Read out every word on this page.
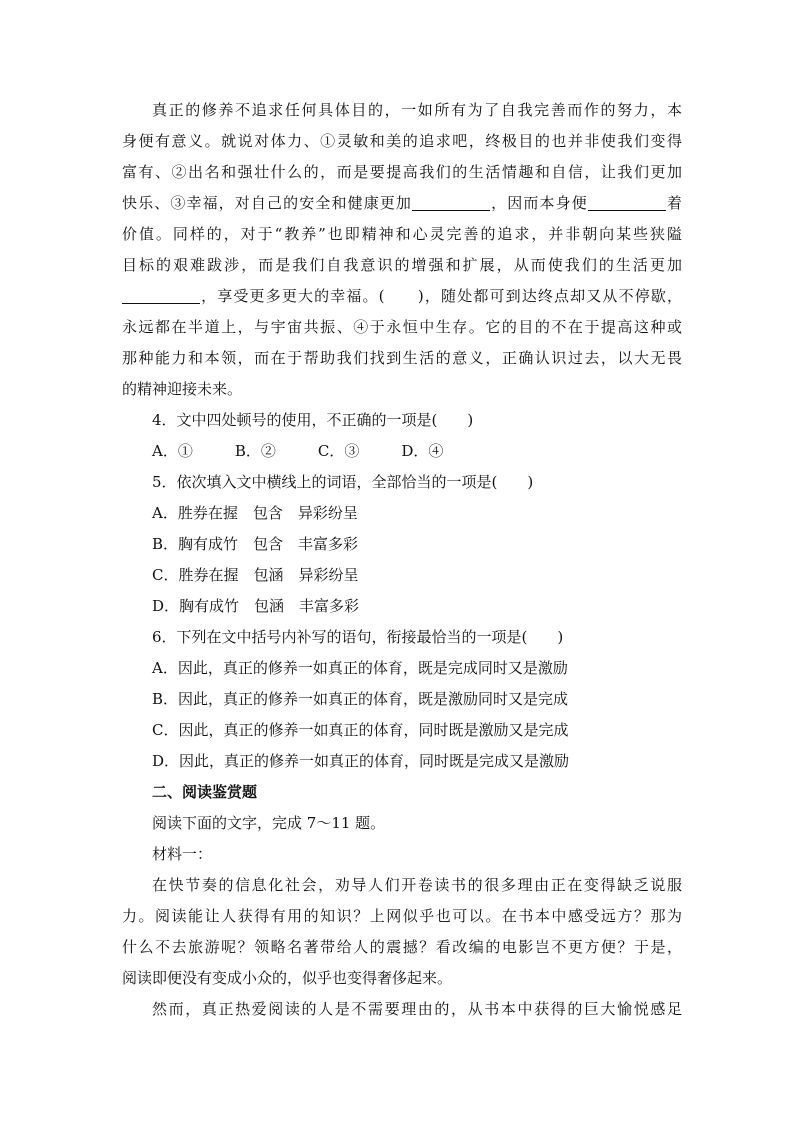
真正的修养不追求任何具体目的，一如所有为了自我完善而作的努力，本
身便有意义。就说对体力、①灵敏和美的追求吧，终极目的也并非使我们变得
富有、②出名和强壮什么的，而是要提高我们的生活情趣和自信，让我们更加
快乐、③幸福，对自己的安全和健康更加	，因而本身便	着
价值。同样的，对于“教养”也即精神和心灵完善的追求，并非朝向某些狭隘
目标的艰难跋涉，而是我们自我意识的增强和扩展，从而使我们的生活更加
，享受更多更大的幸福。(　　)，随处都可到达终点却又从不停歇，
永远都在半道上，与宇宙共振、④于永恒中生存。它的目的不在于提高这种或
那种能力和本领，而在于帮助我们找到生活的意义，正确认识过去，以大无畏
的精神迎接未来。
4．文中四处顿号的使用，不正确的一项是(　　)
A．①	B．②	C．③	D．④
5．依次填入文中横线上的词语，全部恰当的一项是(　　)
A．胜券在握　包含　异彩纷呈
B．胸有成竹　包含　丰富多彩
C．胜券在握　包涵　异彩纷呈
D．胸有成竹　包涵　丰富多彩
6．下列在文中括号内补写的语句，衔接最恰当的一项是(　　)
A．因此，真正的修养一如真正的体育，既是完成同时又是激励
B．因此，真正的修养一如真正的体育，既是激励同时又是完成
C．因此，真正的修养一如真正的体育，同时既是激励又是完成
D．因此，真正的修养一如真正的体育，同时既是完成又是激励
二、阅读鉴赏题
阅读下面的文字，完成 7～11 题。
材料一：
在快节奏的信息化社会，劝导人们开卷读书的很多理由正在变得缺乏说服
力。阅读能让人获得有用的知识？上网似乎也可以。在书本中感受远方？那为
什么不去旅游呢？领略名著带给人的震撼？看改编的电影岂不更方便？于是，
阅读即便没有变成小众的，似乎也变得奢侈起来。
然而，真正热爱阅读的人是不需要理由的，从书本中获得的巨大愉悦感足
